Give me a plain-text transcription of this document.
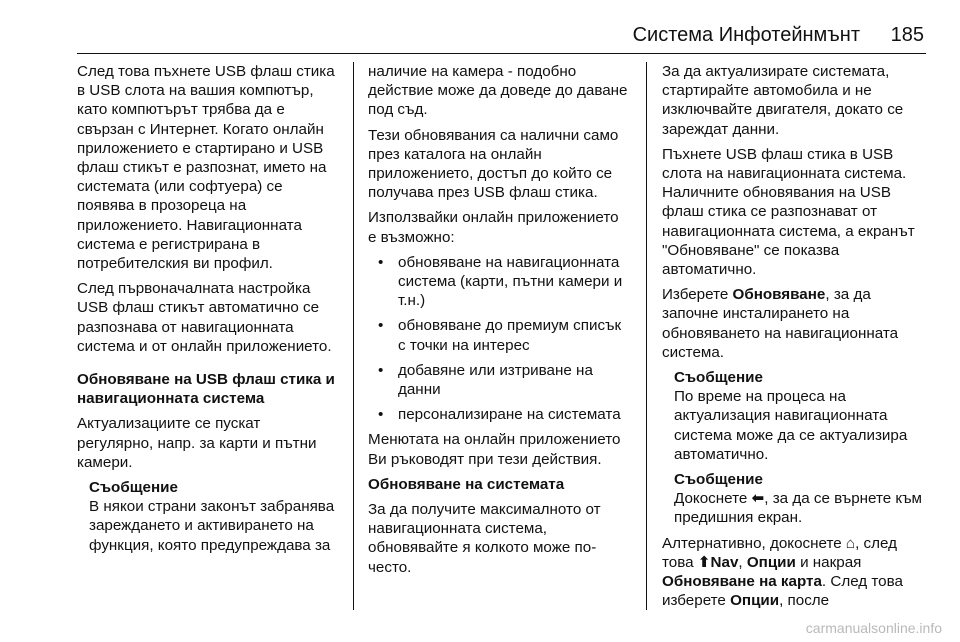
Система Инфотейнмънт 185

След това пъхнете USB флаш стика в USB слота на вашия компютър, като компютърът трябва да е свързан с Интернет. Когато онлайн приложението е стартирано и USB флаш стикът е разпознат, името на системата (или софтуера) се появява в прозореца на приложението. Навигационната система е регистрирана в потребителския ви профил.

След първоначалната настройка USB флаш стикът автоматично се разпознава от навигационната система и от онлайн приложението.

Обновяване на USB флаш стика и навигационната система

Актуализациите се пускат регулярно, напр. за карти и пътни камери.

Съобщение
В някои страни законът забранява зареждането и активирането на функция, която предупреждава за

наличие на камера - подобно действие може да доведе до даване под съд.

Тези обновявания са налични само през каталога на онлайн приложението, достъп до който се получава през USB флаш стика.

Използвайки онлайн приложението е възможно:

• обновяване на навигационната система (карти, пътни камери и т.н.)
• обновяване до премиум списък с точки на интерес
• добавяне или изтриване на данни
• персонализиране на системата

Менютата на онлайн приложението Ви ръководят при тези действия.

Обновяване на системата

За да получите максималното от навигационната система, обновявайте я колкото може по-често.

За да актуализирате системата, стартирайте автомобила и не изключвайте двигателя, докато се зареждат данни.

Пъхнете USB флаш стика в USB слота на навигационната система. Наличните обновявания на USB флаш стика се разпознават от навигационната система, а екранът "Обновяване" се показва автоматично.

Изберете Обновяване, за да започне инсталирането на обновяването на навигационната система.

Съобщение
По време на процеса на актуализация навигационната система може да се актуализира автоматично.
Съобщение
Докоснете ⬅, за да се върнете към предишния екран.

Алтернативно, докоснете ⌂, след това ⬆Nav, Опции и накрая Обновяване на карта. След това изберете Опции, после

carmanualsonline.info
